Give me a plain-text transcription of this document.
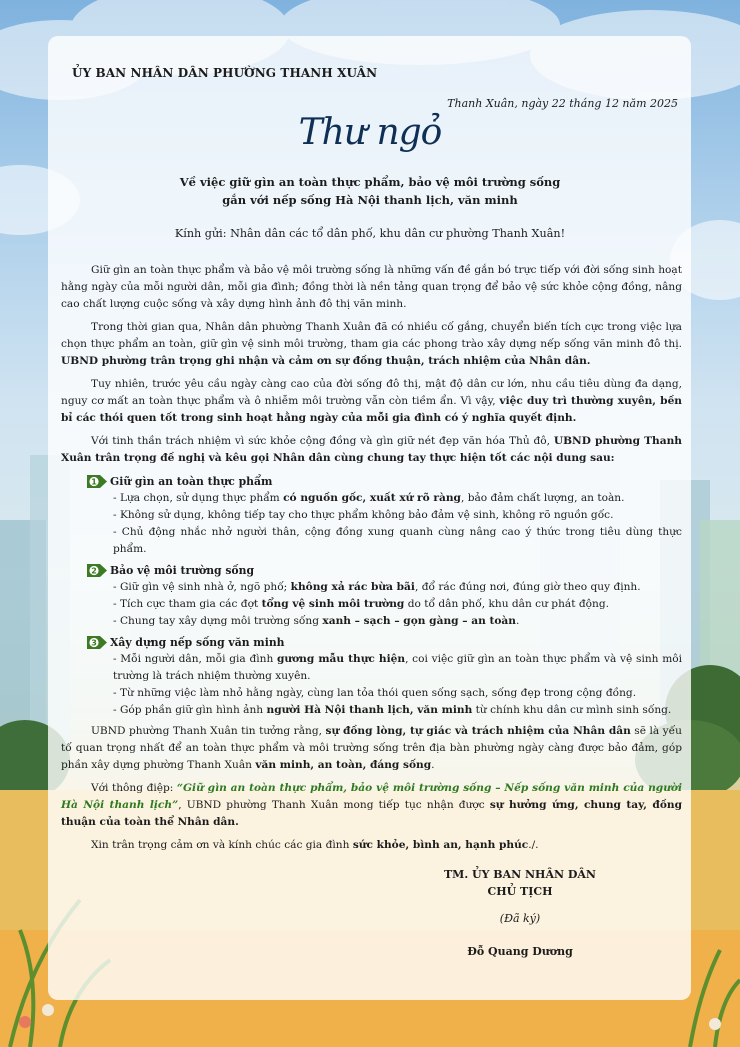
ỦY BAN NHÂN DÂN PHƯỜNG THANH XUÂN
Thanh Xuân, ngày 22 tháng 12 năm 2025
Thư ngỏ
Về việc giữ gìn an toàn thực phẩm, bảo vệ môi trường sống
gắn với nếp sống Hà Nội thanh lịch, văn minh
Kính gửi: Nhân dân các tổ dân phố, khu dân cư phường Thanh Xuân!

Giữ gìn an toàn thực phẩm và bảo vệ môi trường sống là những vấn đề gắn bó trực tiếp với đời sống sinh hoạt hằng ngày của mỗi người dân, mỗi gia đình; đồng thời là nền tảng quan trọng để bảo vệ sức khỏe cộng đồng, nâng cao chất lượng cuộc sống và xây dựng hình ảnh đô thị văn minh.

Trong thời gian qua, Nhân dân phường Thanh Xuân đã có nhiều cố gắng, chuyển biến tích cực trong việc lựa chọn thực phẩm an toàn, giữ gìn vệ sinh môi trường, tham gia các phong trào xây dựng nếp sống văn minh đô thị. UBND phường trân trọng ghi nhận và cảm ơn sự đồng thuận, trách nhiệm của Nhân dân.

Tuy nhiên, trước yêu cầu ngày càng cao của đời sống đô thị, mật độ dân cư lớn, nhu cầu tiêu dùng đa dạng, nguy cơ mất an toàn thực phẩm và ô nhiễm môi trường vẫn còn tiềm ẩn. Vì vậy, việc duy trì thường xuyên, bền bỉ các thói quen tốt trong sinh hoạt hằng ngày của mỗi gia đình có ý nghĩa quyết định.

Với tinh thần trách nhiệm vì sức khỏe cộng đồng và gìn giữ nét đẹp văn hóa Thủ đô, UBND phường Thanh Xuân trân trọng đề nghị và kêu gọi Nhân dân cùng chung tay thực hiện tốt các nội dung sau:

1 Giữ gìn an toàn thực phẩm
- Lựa chọn, sử dụng thực phẩm có nguồn gốc, xuất xứ rõ ràng, bảo đảm chất lượng, an toàn.
- Không sử dụng, không tiếp tay cho thực phẩm không bảo đảm vệ sinh, không rõ nguồn gốc.
- Chủ động nhắc nhở người thân, cộng đồng xung quanh cùng nâng cao ý thức trong tiêu dùng thực phẩm.
2 Bảo vệ môi trường sống
- Giữ gìn vệ sinh nhà ở, ngõ phố; không xả rác bừa bãi, đổ rác đúng nơi, đúng giờ theo quy định.
- Tích cực tham gia các đợt tổng vệ sinh môi trường do tổ dân phố, khu dân cư phát động.
- Chung tay xây dựng môi trường sống xanh – sạch – gọn gàng – an toàn.
3 Xây dựng nếp sống văn minh
- Mỗi người dân, mỗi gia đình gương mẫu thực hiện, coi việc giữ gìn an toàn thực phẩm và vệ sinh môi trường là trách nhiệm thường xuyên.
- Từ những việc làm nhỏ hằng ngày, cùng lan tỏa thói quen sống sạch, sống đẹp trong cộng đồng.
- Góp phần giữ gìn hình ảnh người Hà Nội thanh lịch, văn minh từ chính khu dân cư mình sinh sống.

UBND phường Thanh Xuân tin tưởng rằng, sự đồng lòng, tự giác và trách nhiệm của Nhân dân sẽ là yếu tố quan trọng nhất để an toàn thực phẩm và môi trường sống trên địa bàn phường ngày càng được bảo đảm, góp phần xây dựng phường Thanh Xuân văn minh, an toàn, đáng sống.

Với thông điệp: “Giữ gìn an toàn thực phẩm, bảo vệ môi trường sống – Nếp sống văn minh của người Hà Nội thanh lịch”, UBND phường Thanh Xuân mong tiếp tục nhận được sự hưởng ứng, chung tay, đồng thuận của toàn thể Nhân dân.

Xin trân trọng cảm ơn và kính chúc các gia đình sức khỏe, bình an, hạnh phúc./.

TM. ỦY BAN NHÂN DÂN
CHỦ TỊCH
(Đã ký)
Đỗ Quang Dương
